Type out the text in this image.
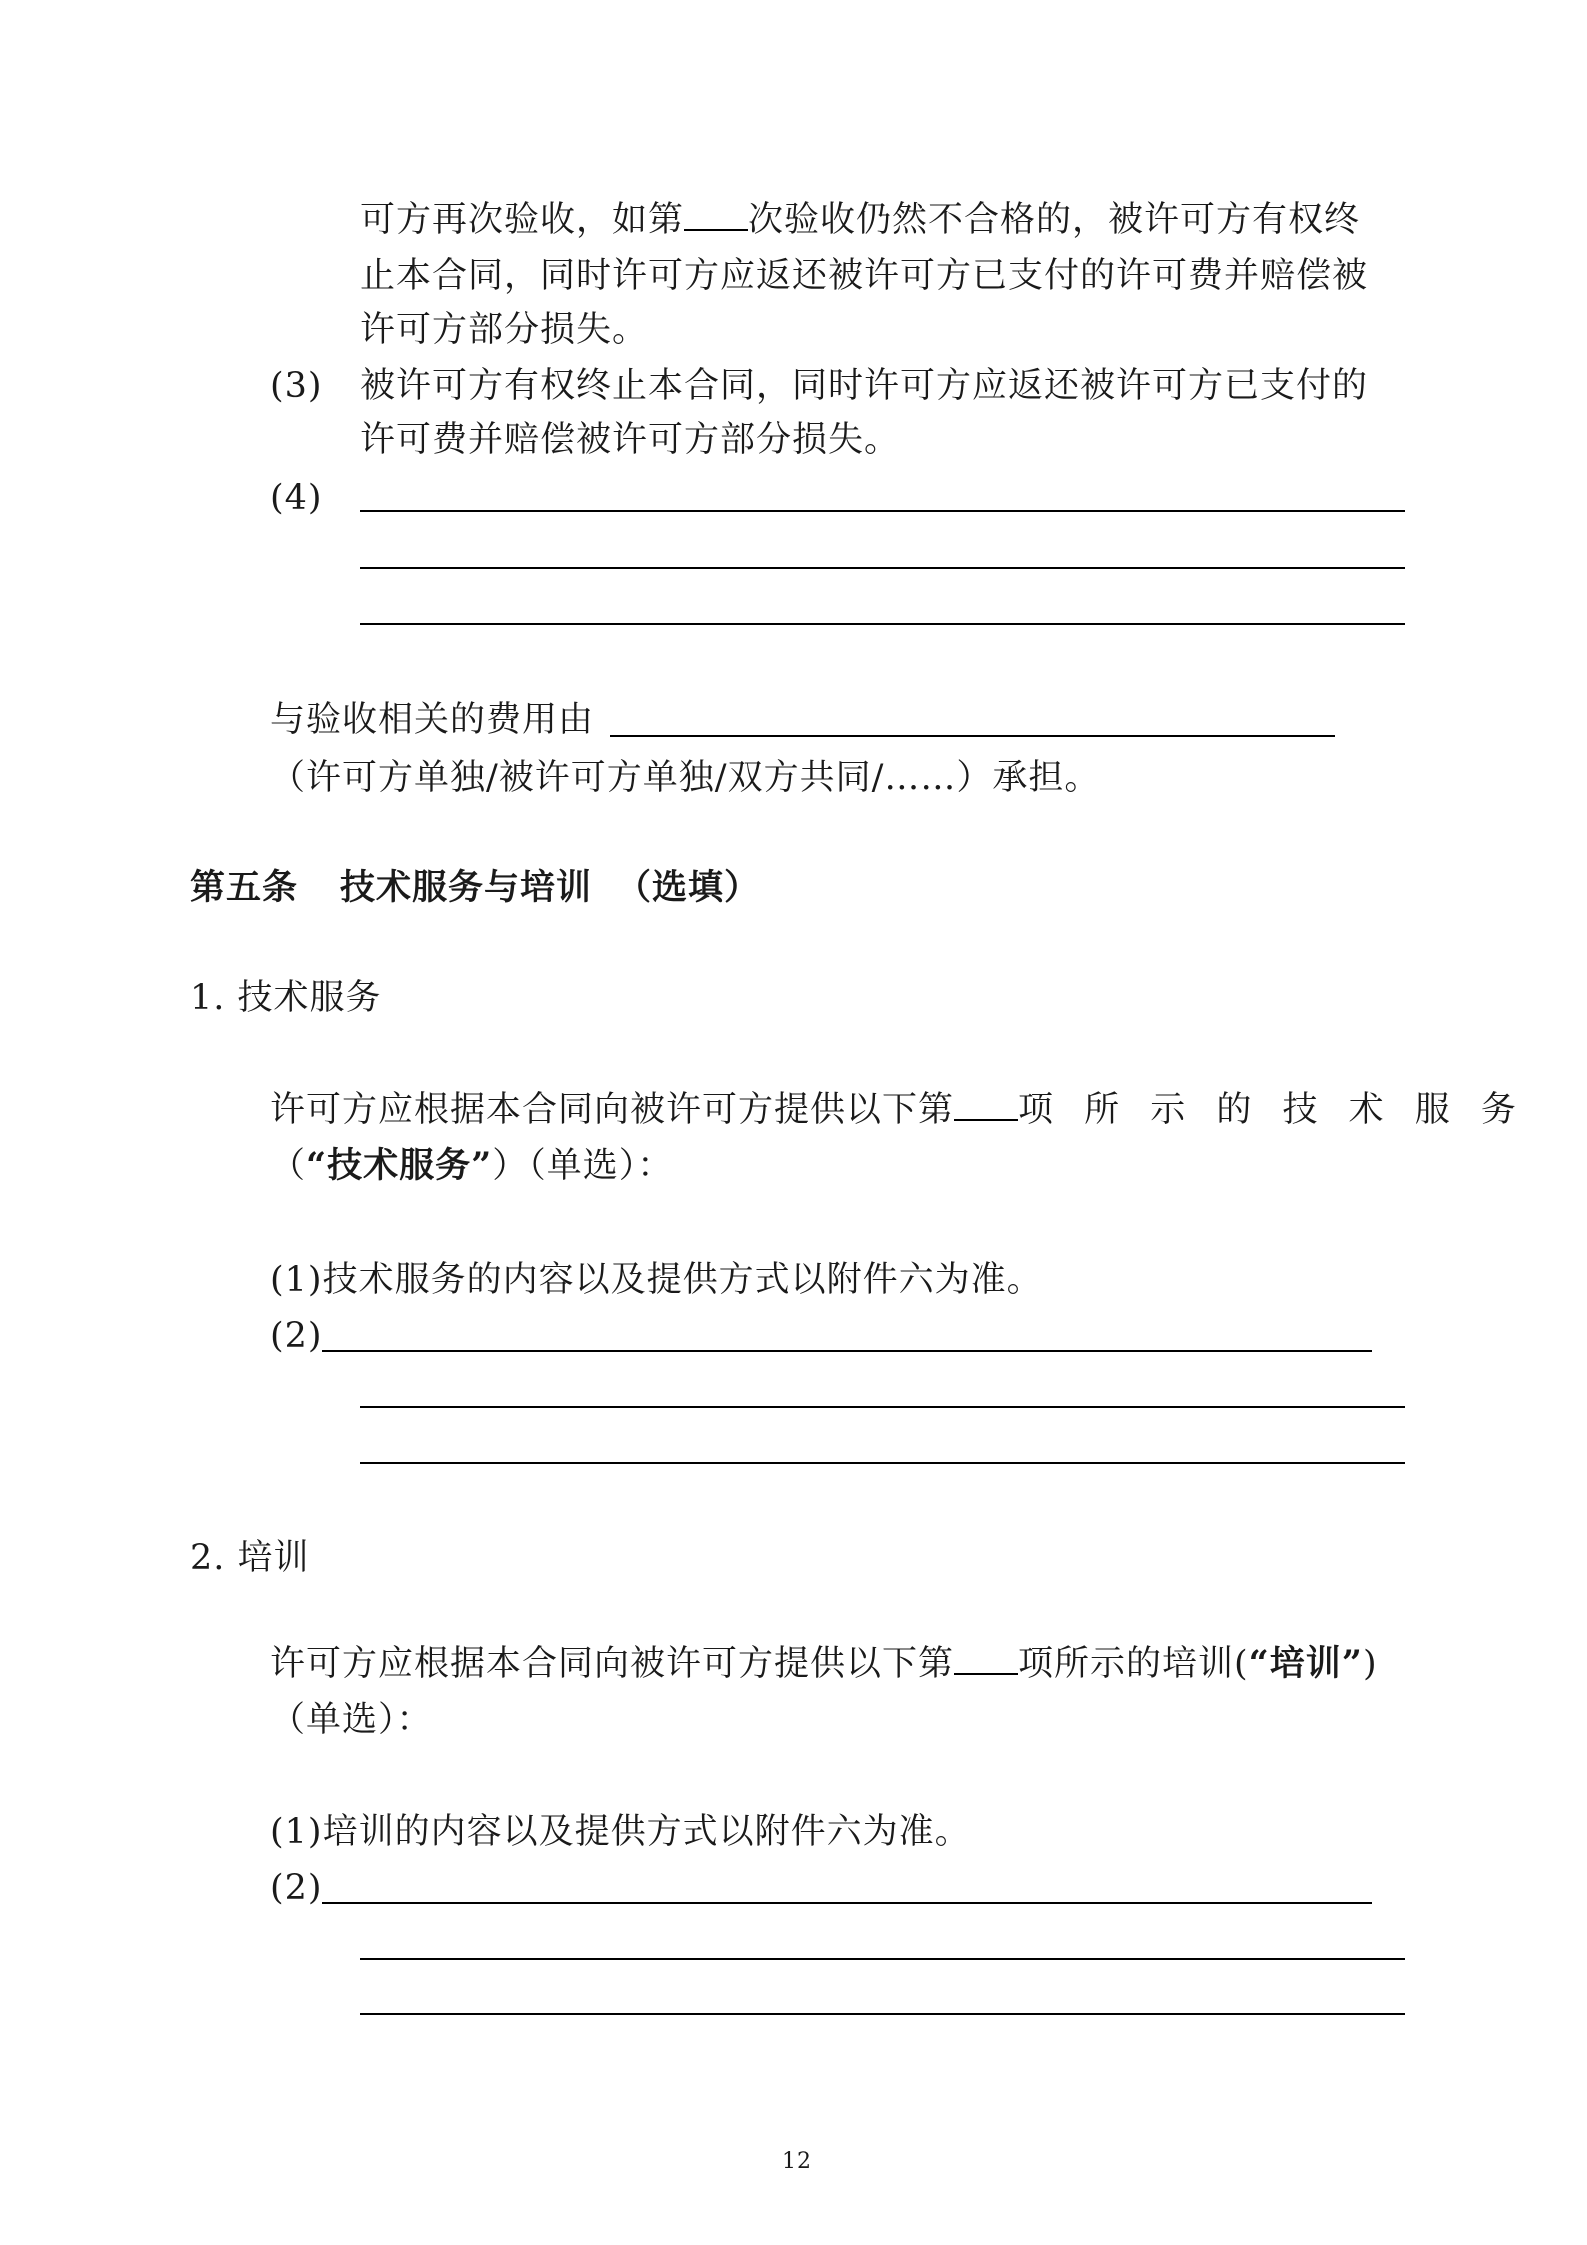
可方再次验收，如第 次验收仍然不合格的，被许可方有权终
止本合同，同时许可方应返还被许可方已支付的许可费并赔偿被
许可方部分损失。
(3) 被许可方有权终止本合同，同时许可方应返还被许可方已支付的
许可费并赔偿被许可方部分损失。
(4)
与验收相关的费用由
（许可方单独/被许可方单独/双方共同/……）承担。
第五条 技术服务与培训 （选填）
1. 技术服务
许可方应根据本合同向被许可方提供以下第 项 所 示 的 技 术 服 务
（“技术服务”）（单选）：
(1)技术服务的内容以及提供方式以附件六为准。
(2)
2. 培训
许可方应根据本合同向被许可方提供以下第 项所示的培训(“培训”)
（单选）：
(1)培训的内容以及提供方式以附件六为准。
(2)
12
